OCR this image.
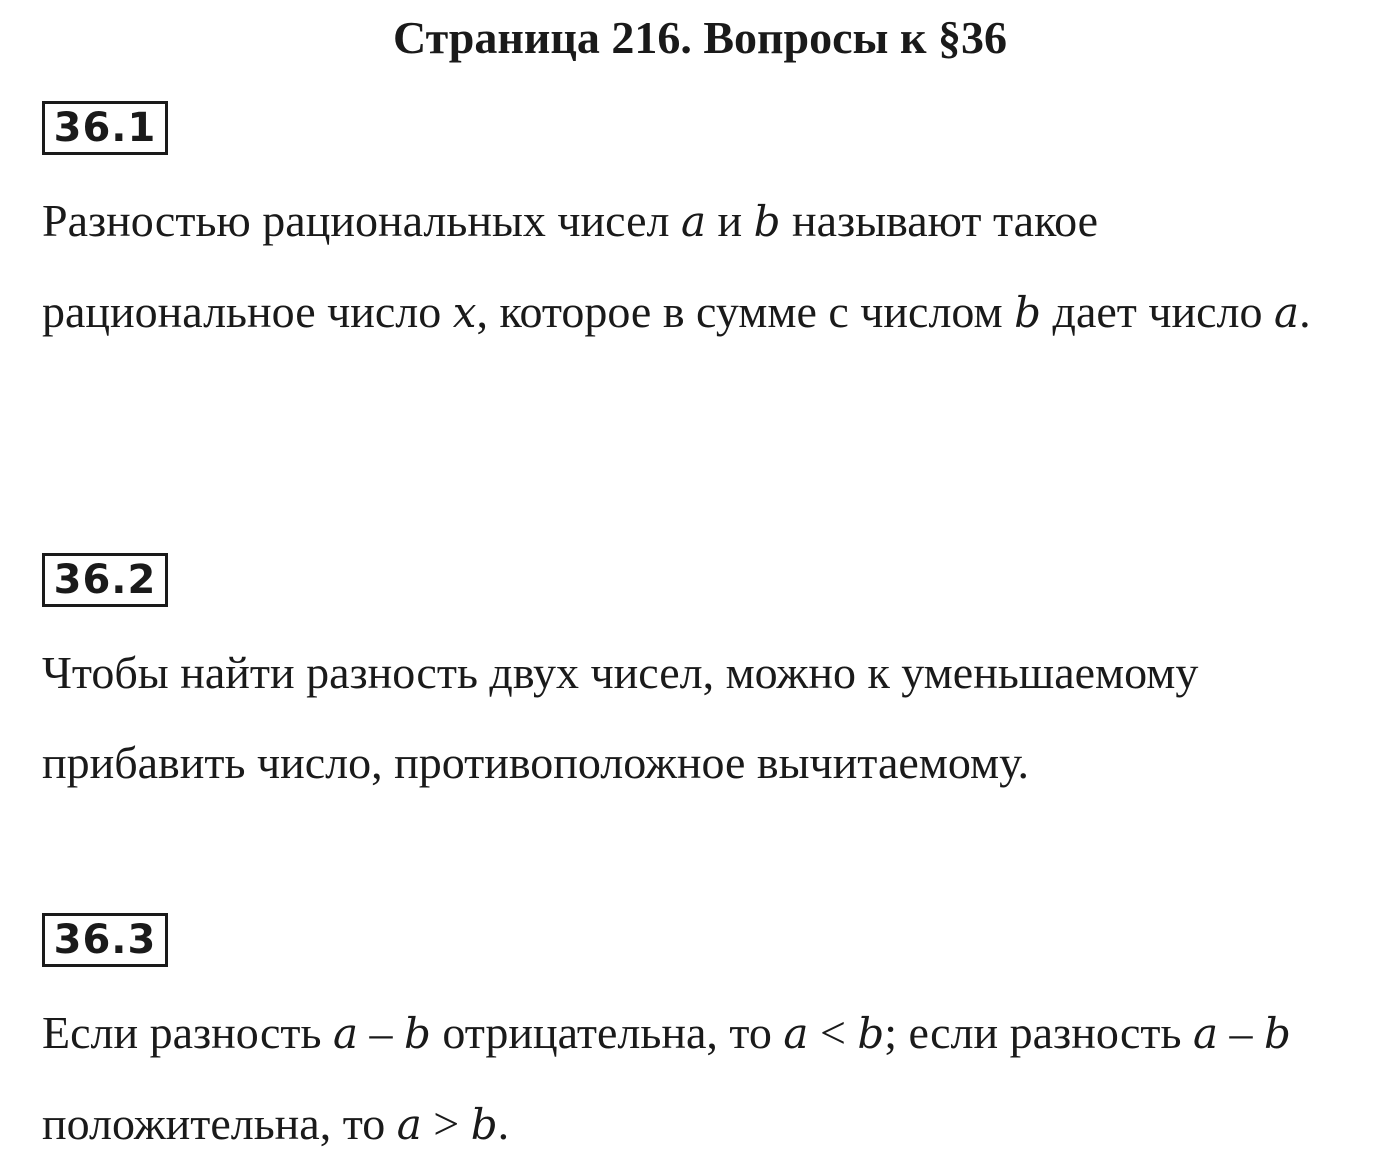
Страница 216. Вопросы к §36
36.1

Разностью рациональных чисел a и b называют такое рациональное число x, которое в сумме с числом b дает число a.

36.2

Чтобы найти разность двух чисел, можно к уменьшаемому прибавить число, противоположное вычитаемому.

36.3

Если разность a – b отрицательна, то a < b; если разность a – b положительна, то a > b.
